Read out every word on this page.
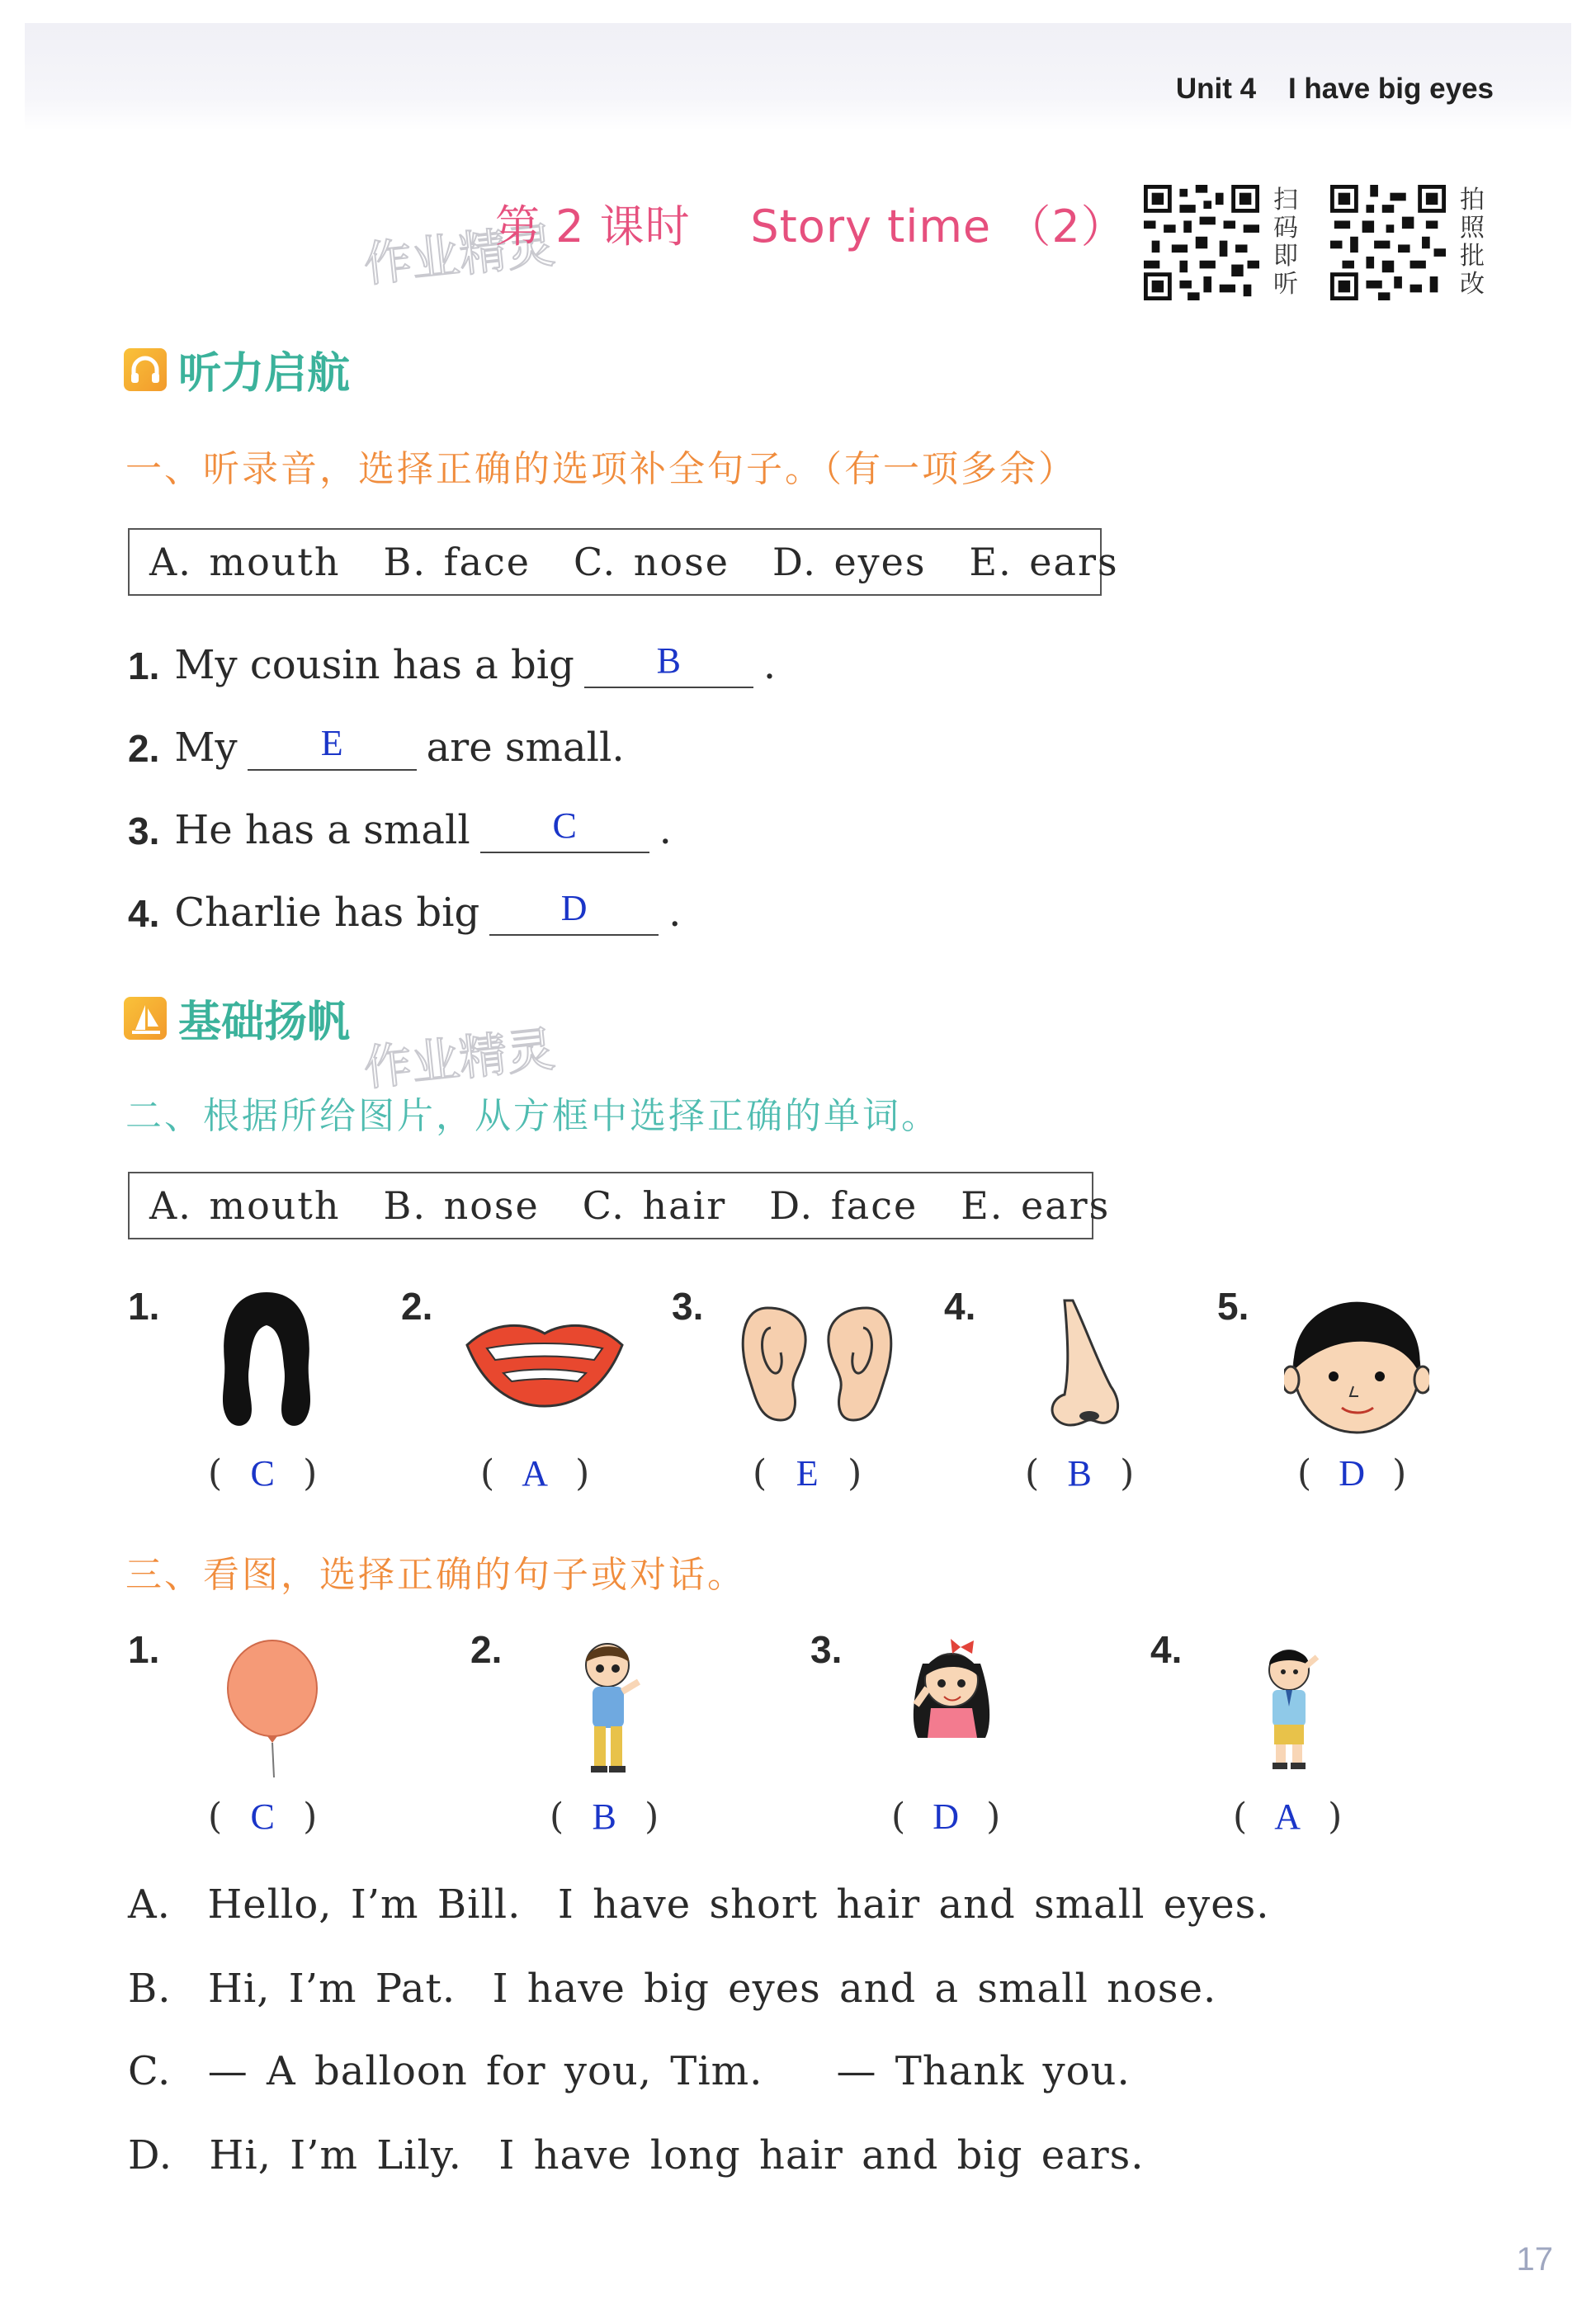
Unit 4    I have big eyes
作业精灵
第 2 课时    Story time （2）
扫
码
即
听
拍
照
批
改
听力启航
一、听录音，选择正确的选项补全句子。（有一项多余）
A. mouth B. face C. nose D. eyes E. ears
1. My cousin has a big	B	.
2. My	E	are small.
3. He has a small	C	.
4. Charlie has big	D	.
基础扬帆 作业精灵
二、根据所给图片，从方框中选择正确的单词。
A. mouth B. nose C. hair D. face E. ears
1.
( C )
2.
( A )
3.
( E )
4.
( B )
5.
( D )
三、看图，选择正确的句子或对话。
1.
( C )
2.
( B )
3.
( D )
4.
( A )
A.  Hello, I’m Bill.  I have short hair and small eyes.
B.  Hi, I’m Pat.  I have big eyes and a small nose.
C.  — A balloon for you, Tim.    — Thank you.
D.  Hi, I’m Lily.  I have long hair and big ears.
17
